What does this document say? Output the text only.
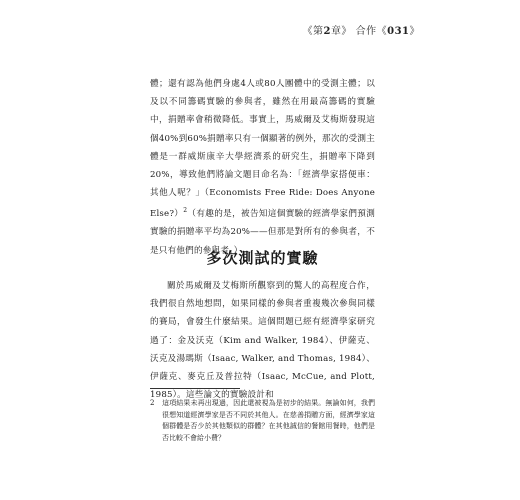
《第2章》 合作《031》

體；還有認為他們身處4人或80人團體中的受測主體；以及以不同籌碼實驗的參與者，雖然在用最高籌碼的實驗中，捐贈率會稍微降低。事實上，馬威爾及艾梅斯發現這個40%到60%捐贈率只有一個顯著的例外，那次的受測主體是一群威斯康辛大學經濟系的研究生，捐贈率下降到20%，導致他們將論文題目命名為：「經濟學家搭便車：其他人呢？」（Economists Free Ride: Does Anyone Else?）$^2$（有趣的是，被告知這個實驗的經濟學家們預測實驗的捐贈率平均為20%——但那是對所有的參與者，不是只有他們的參與者。）

多次測試的實驗

關於馬威爾及艾梅斯所觀察到的驚人的高程度合作，我們很自然地想問，如果同樣的參與者重複幾次參與同樣的賽局，會發生什麼結果。這個問題已經有經濟學家研究過了：金及沃克（Kim and Walker, 1984）、伊薩克、沃克及湯瑪斯（Isaac, Walker, and Thomas, 1984）、伊薩克、麥克丘及普拉特（Isaac, McCue, and Plott, 1985）。這些論文的實驗設計和

2 這項結果未再出現過，因此還被視為是初步的結果。無論如何，我們很想知道經濟學家是否不同於其他人。在慈善捐贈方面，經濟學家這個群體是否少於其他類似的群體？在其他誠信的餐館用餐時，他們是否比較不會給小費？
